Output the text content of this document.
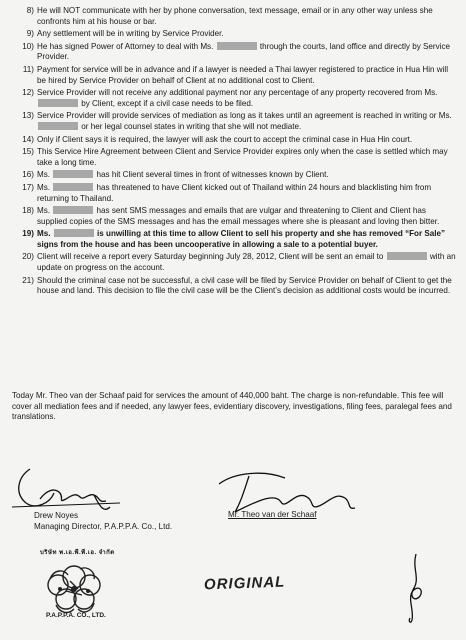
8) He will NOT communicate with her by phone conversation, text message, email or in any other way unless she confronts him at his house or bar.
9) Any settlement will be in writing by Service Provider.
10) He has signed Power of Attorney to deal with Ms.	through the courts, land office and directly by Service Provider.
11) Payment for service will be in advance and if a lawyer is needed a Thai lawyer registered to practice in Hua Hin will be hired by Service Provider on behalf of Client at no additional cost to Client.
12) Service Provider will not receive any additional payment nor any percentage of any property recovered from Ms.  by Client, except if a civil case needs to be filed.
13) Service Provider will provide services of mediation as long as it takes until an agreement is reached in writing or Ms.  or her legal counsel states in writing that she will not mediate.
14) Only if Client says it is required, the lawyer will ask the court to accept the criminal case in Hua Hin court.
15) This Service Hire Agreement between Client and Service Provider expires only when the case is settled which may take a long time.
16) Ms.	has hit Client several times in front of witnesses known by Client.
17) Ms.	has threatened to have Client kicked out of Thailand within 24 hours and blacklisting him from returning to Thailand.
18) Ms.	has sent SMS messages and emails that are vulgar and threatening to Client and Client has supplied copies of the SMS messages and has the email messages where she is pleasant and loving then bitter.
19) Ms.	is unwilling at this time to allow Client to sell his property and she has removed “For Sale” signs from the house and has been uncooperative in allowing a sale to a potential buyer.
20) Client will receive a report every Saturday beginning July 28, 2012, Client will be sent an email to	with an update on progress on the account.
21) Should the criminal case not be successful, a civil case will be filed by Service Provider on behalf of Client to get the house and land. This decision to file the civil case will be the Client’s decision as additional costs would be incurred.

Today Mr. Theo van der Schaaf paid for services the amount of 440,000 baht. The charge is non-refundable. This fee will cover all mediation fees and if needed, any lawyer fees, evidentiary discovery, investigations, filing fees, paralegal fees and translations.

Drew Noyes	Mr. Theo van der Schaaf
Managing Director, P.A.P.P.A. Co., Ltd.
บริษัท พ.เอ.พี.พี.เอ. จำกัด
P.A.P.P.A. CO., LTD.
ORIGINAL
